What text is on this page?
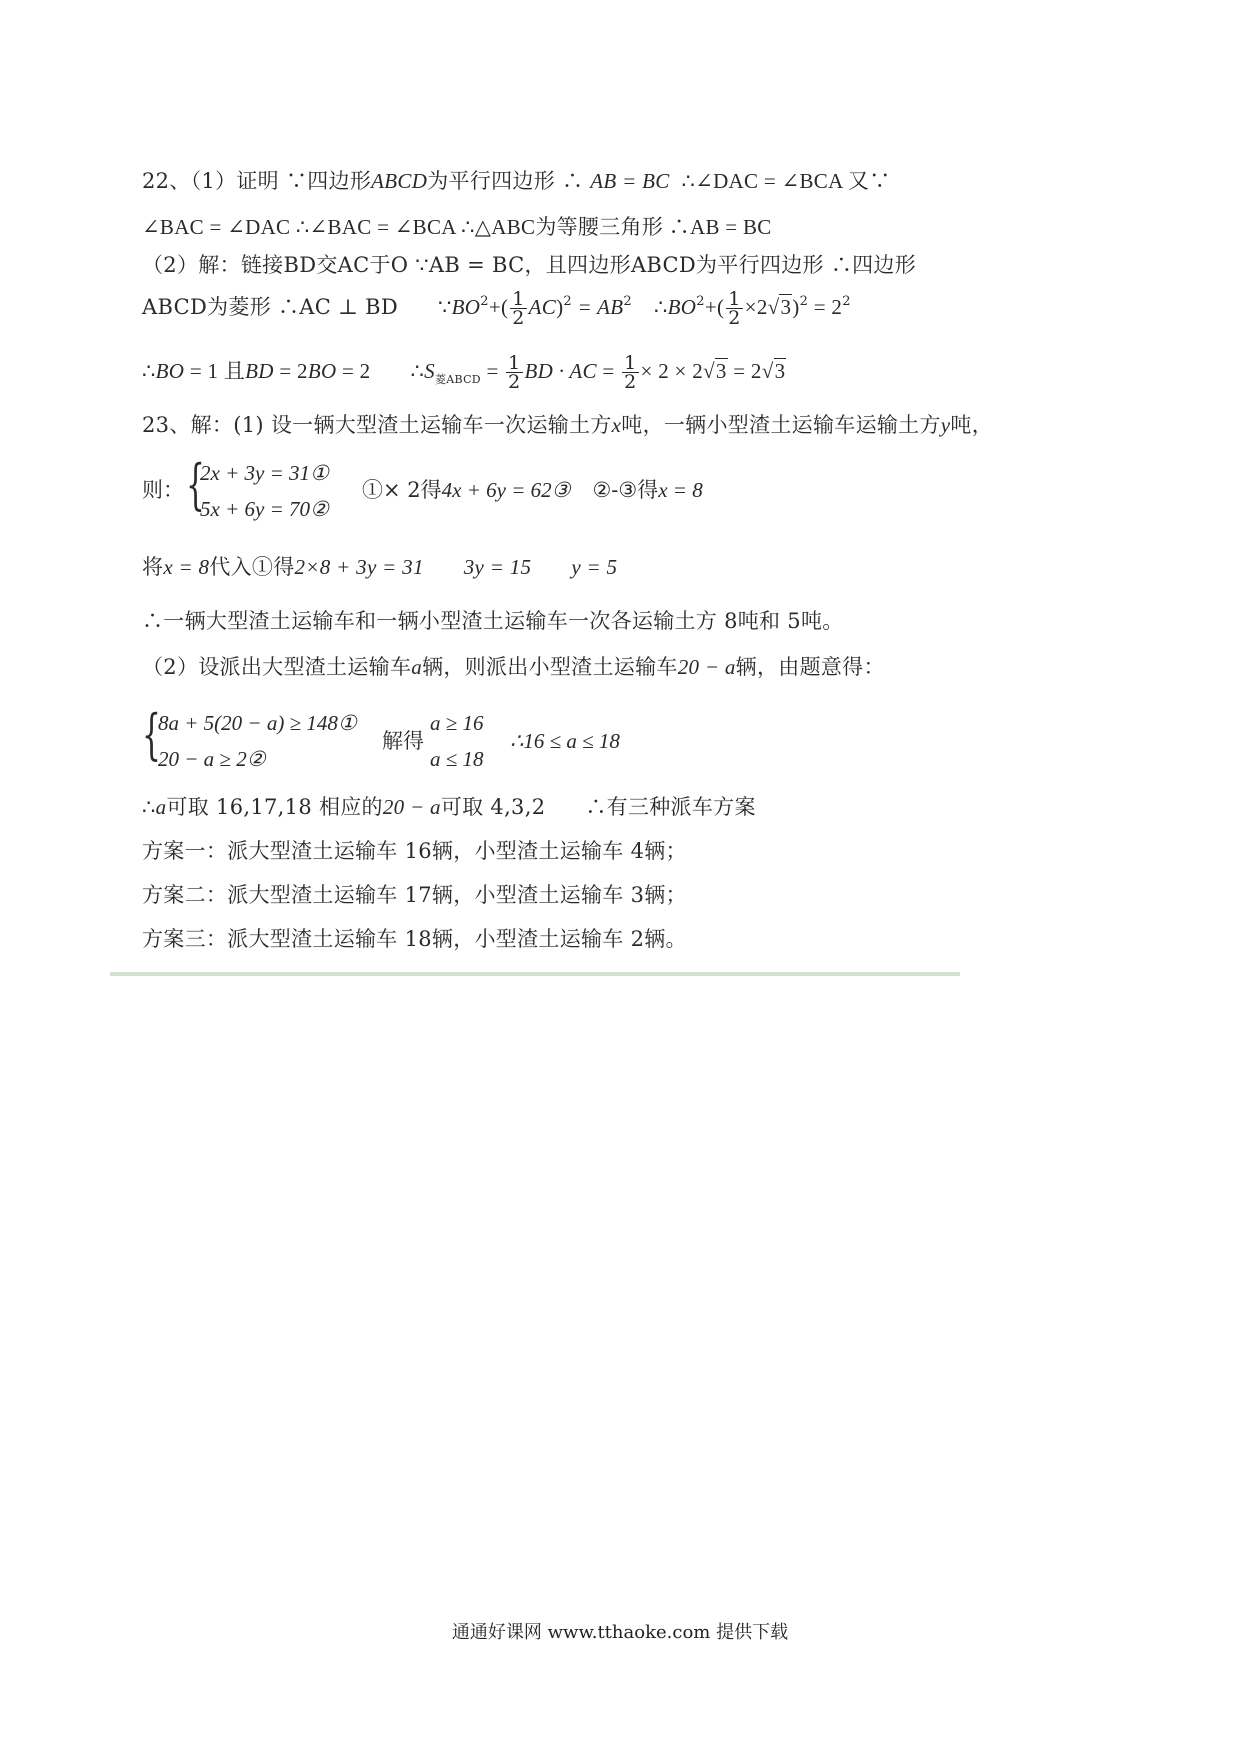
22、（1）证明 ∵四边形ABCD为平行四边形 ∴ AB = BC ∴∠DAC = ∠BCA 又∵
∠BAC = ∠DAC ∴∠BAC = ∠BCA ∴△ABC为等腰三角形 ∴AB = BC
（2）解：链接BD交AC于O ∵AB = BC，且四边形ABCD为平行四边形 ∴四边形
ABCD为菱形 ∴AC ⊥ BD $\because BO^2+( \frac{1}{2} AC)^2 = AB^2$ $\therefore BO^2+( \frac{1}{2} \times 2√3)^2 = 2^2$
∴BO = 1 且BD = 2BO = 2 $\therefore S_{菱ABCD} = \frac{1}{2}$ BD · AC = $\frac{1}{2} \times 2 \times 2√3 = 2√3$
23、解：(1) 设一辆大型渣土运输车一次运输土方x吨，一辆小型渣土运输车运输土方y吨，
则： {
2x + 3y = 31①
5x + 6y = 70②
①× 2得4x + 6y = 62③ ②-③得x = 8
将x = 8代入①得2×8 + 3y = 31 3y = 15 y = 5
∴一辆大型渣土运输车和一辆小型渣土运输车一次各运输土方 8吨和 5吨。
（2）设派出大型渣土运输车a辆，则派出小型渣土运输车20 − a辆，由题意得：
{
8a + 5(20 − a) ≥ 148①
20 − a ≥ 2②
解得
a ≥ 16
a ≤ 18
∴16 ≤ a ≤ 18
∴a可取 16,17,18 相应的20 − a可取 4,3,2 ∴有三种派车方案
方案一：派大型渣土运输车 16辆，小型渣土运输车 4辆；
方案二：派大型渣土运输车 17辆，小型渣土运输车 3辆；
方案三：派大型渣土运输车 18辆，小型渣土运输车 2辆。
通通好课网 www.tthaoke.com 提供下载
